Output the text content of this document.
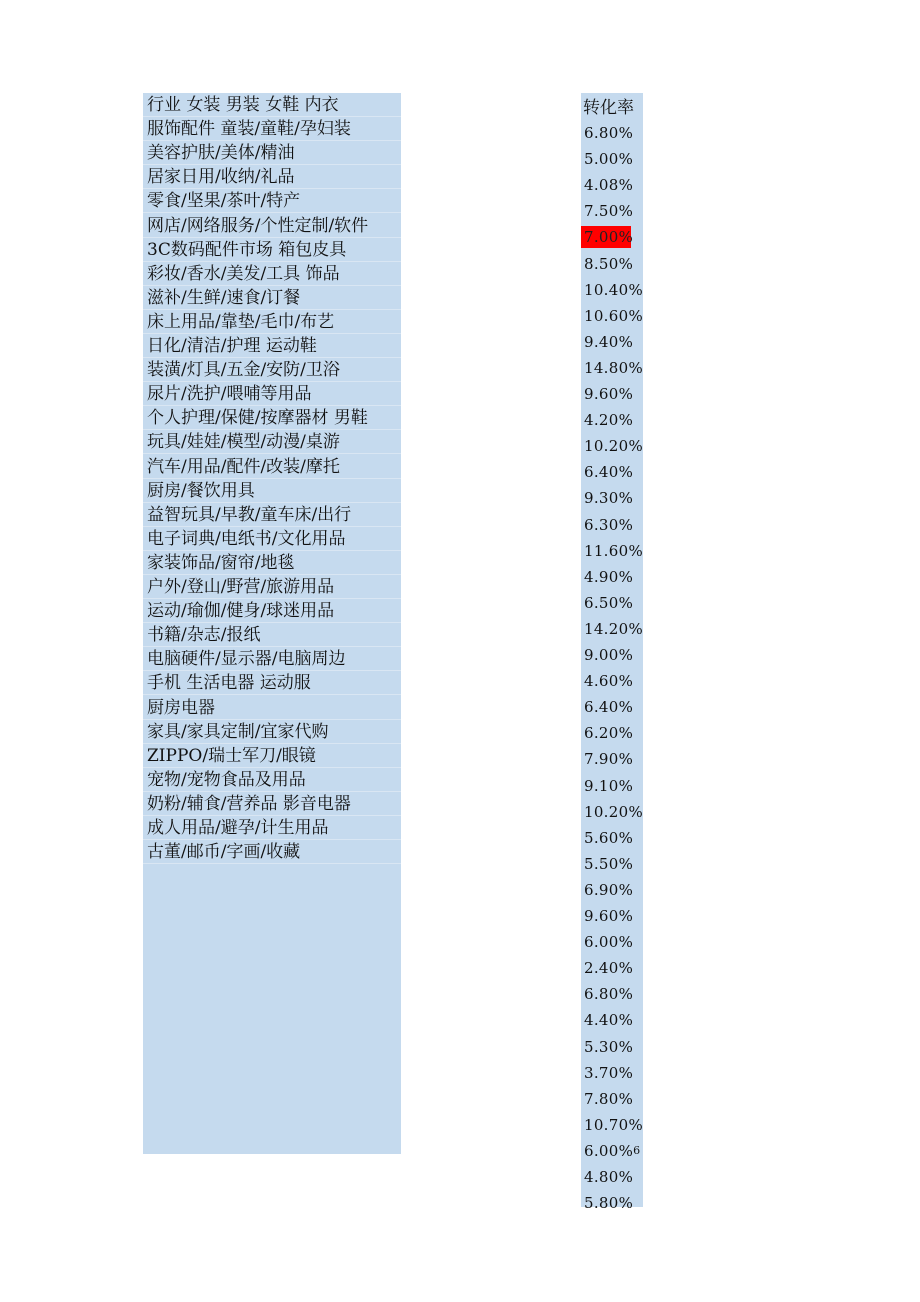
行业 女装 男装 女鞋 内衣
服饰配件 童装/童鞋/孕妇装
美容护肤/美体/精油
居家日用/收纳/礼品
零食/坚果/茶叶/特产
网店/网络服务/个性定制/软件
3C数码配件市场 箱包皮具
彩妆/香水/美发/工具 饰品
滋补/生鲜/速食/订餐
床上用品/靠垫/毛巾/布艺
日化/清洁/护理 运动鞋
装潢/灯具/五金/安防/卫浴
尿片/洗护/喂哺等用品
个人护理/保健/按摩器材 男鞋
玩具/娃娃/模型/动漫/桌游
汽车/用品/配件/改装/摩托
厨房/餐饮用具
益智玩具/早教/童车床/出行
电子词典/电纸书/文化用品
家装饰品/窗帘/地毯
户外/登山/野营/旅游用品
运动/瑜伽/健身/球迷用品
书籍/杂志/报纸
电脑硬件/显示器/电脑周边
手机 生活电器 运动服
厨房电器
家具/家具定制/宜家代购
ZIPPO/瑞士军刀/眼镜
宠物/宠物食品及用品
奶粉/辅食/营养品 影音电器
成人用品/避孕/计生用品
古董/邮币/字画/收藏
转化率
6.80%
5.00%
4.08%
7.50%
7.00%
8.50%
10.40%
10.60%
9.40%
14.80%
9.60%
4.20%
10.20%
6.40%
9.30%
6.30%
11.60%
4.90%
6.50%
14.20%
9.00%
4.60%
6.40%
6.20%
7.90%
9.10%
10.20%
5.60%
5.50%
6.90%
9.60%
6.00%
2.40%
6.80%
4.40%
5.30%
3.70%
7.80%
10.70%
6.00%$^6$
4.80%
5.80%
